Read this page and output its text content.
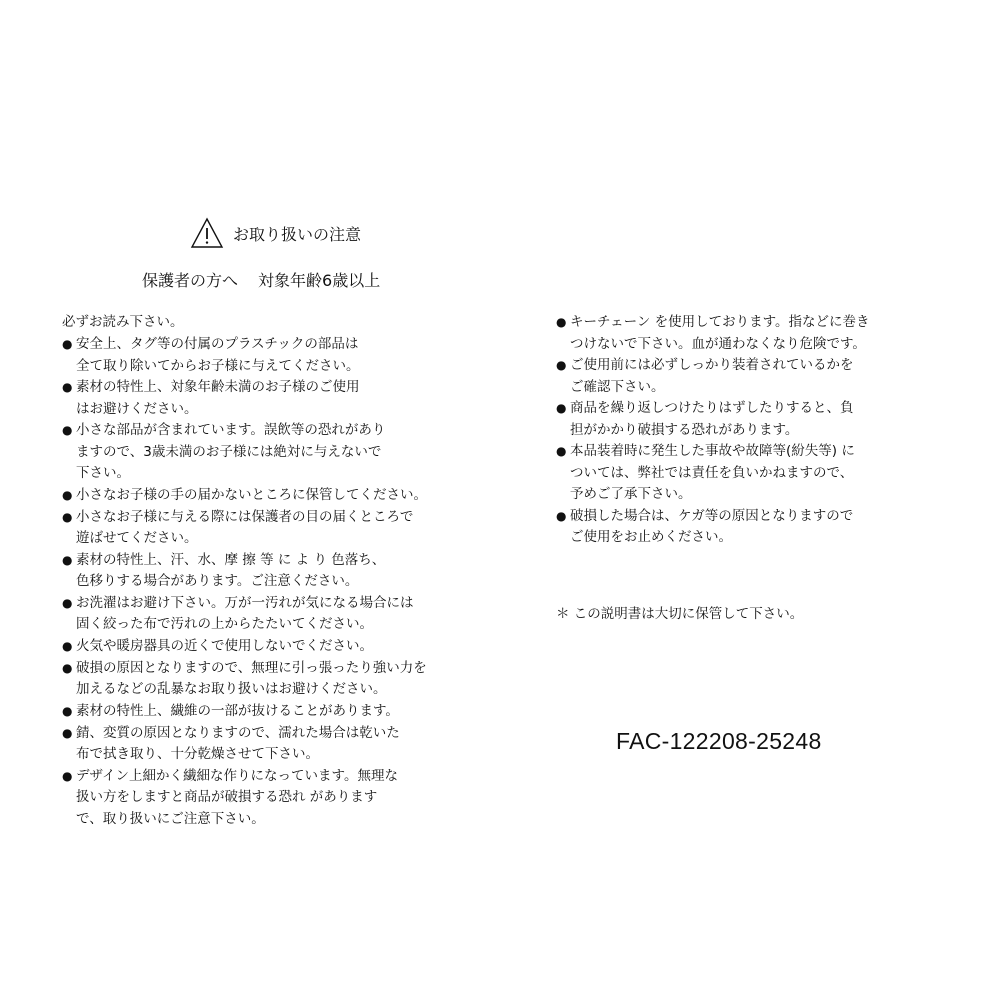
お取り扱いの注意
保護者の方へ 対象年齢6歳以上
必ずお読み下さい。
● 安全上、タグ等の付属のプラスチックの部品は
全て取り除いてからお子様に与えてください。
● 素材の特性上、対象年齢未満のお子様のご使用
はお避けください。
● 小さな部品が含まれています。誤飲等の恐れがあり
ますので、3歳未満のお子様には絶対に与えないで
下さい。
● 小さなお子様の手の届かないところに保管してください。
● 小さなお子様に与える際には保護者の目の届くところで
遊ばせてください。
● 素材の特性上、汗、水、摩 擦 等 に よ り 色落ち、
色移りする場合があります。ご注意ください。
● お洗濯はお避け下さい。万が一汚れが気になる場合には
固く絞った布で汚れの上からたたいてください。
● 火気や暖房器具の近くで使用しないでください。
● 破損の原因となりますので、無理に引っ張ったり強い力を
加えるなどの乱暴なお取り扱いはお避けください。
● 素材の特性上、繊維の一部が抜けることがあります。
● 錆、変質の原因となりますので、濡れた場合は乾いた
布で拭き取り、十分乾燥させて下さい。
● デザイン上細かく繊細な作りになっています。無理な
扱い方をしますと商品が破損する恐れ があります
で、取り扱いにご注意下さい。
● キーチェーン を使用しております。指などに巻き
つけないで下さい。血が通わなくなり危険です。
● ご使用前には必ずしっかり装着されているかを
ご確認下さい。
● 商品を繰り返しつけたりはずしたりすると、負
担がかかり破損する恐れがあります。
● 本品装着時に発生した事故や故障等(紛失等) に
ついては、弊社では責任を負いかねますので、
予めご了承下さい。
● 破損した場合は、ケガ等の原因となりますので
ご使用をお止めください。
＊ この説明書は大切に保管して下さい。
FAC-122208-25248
